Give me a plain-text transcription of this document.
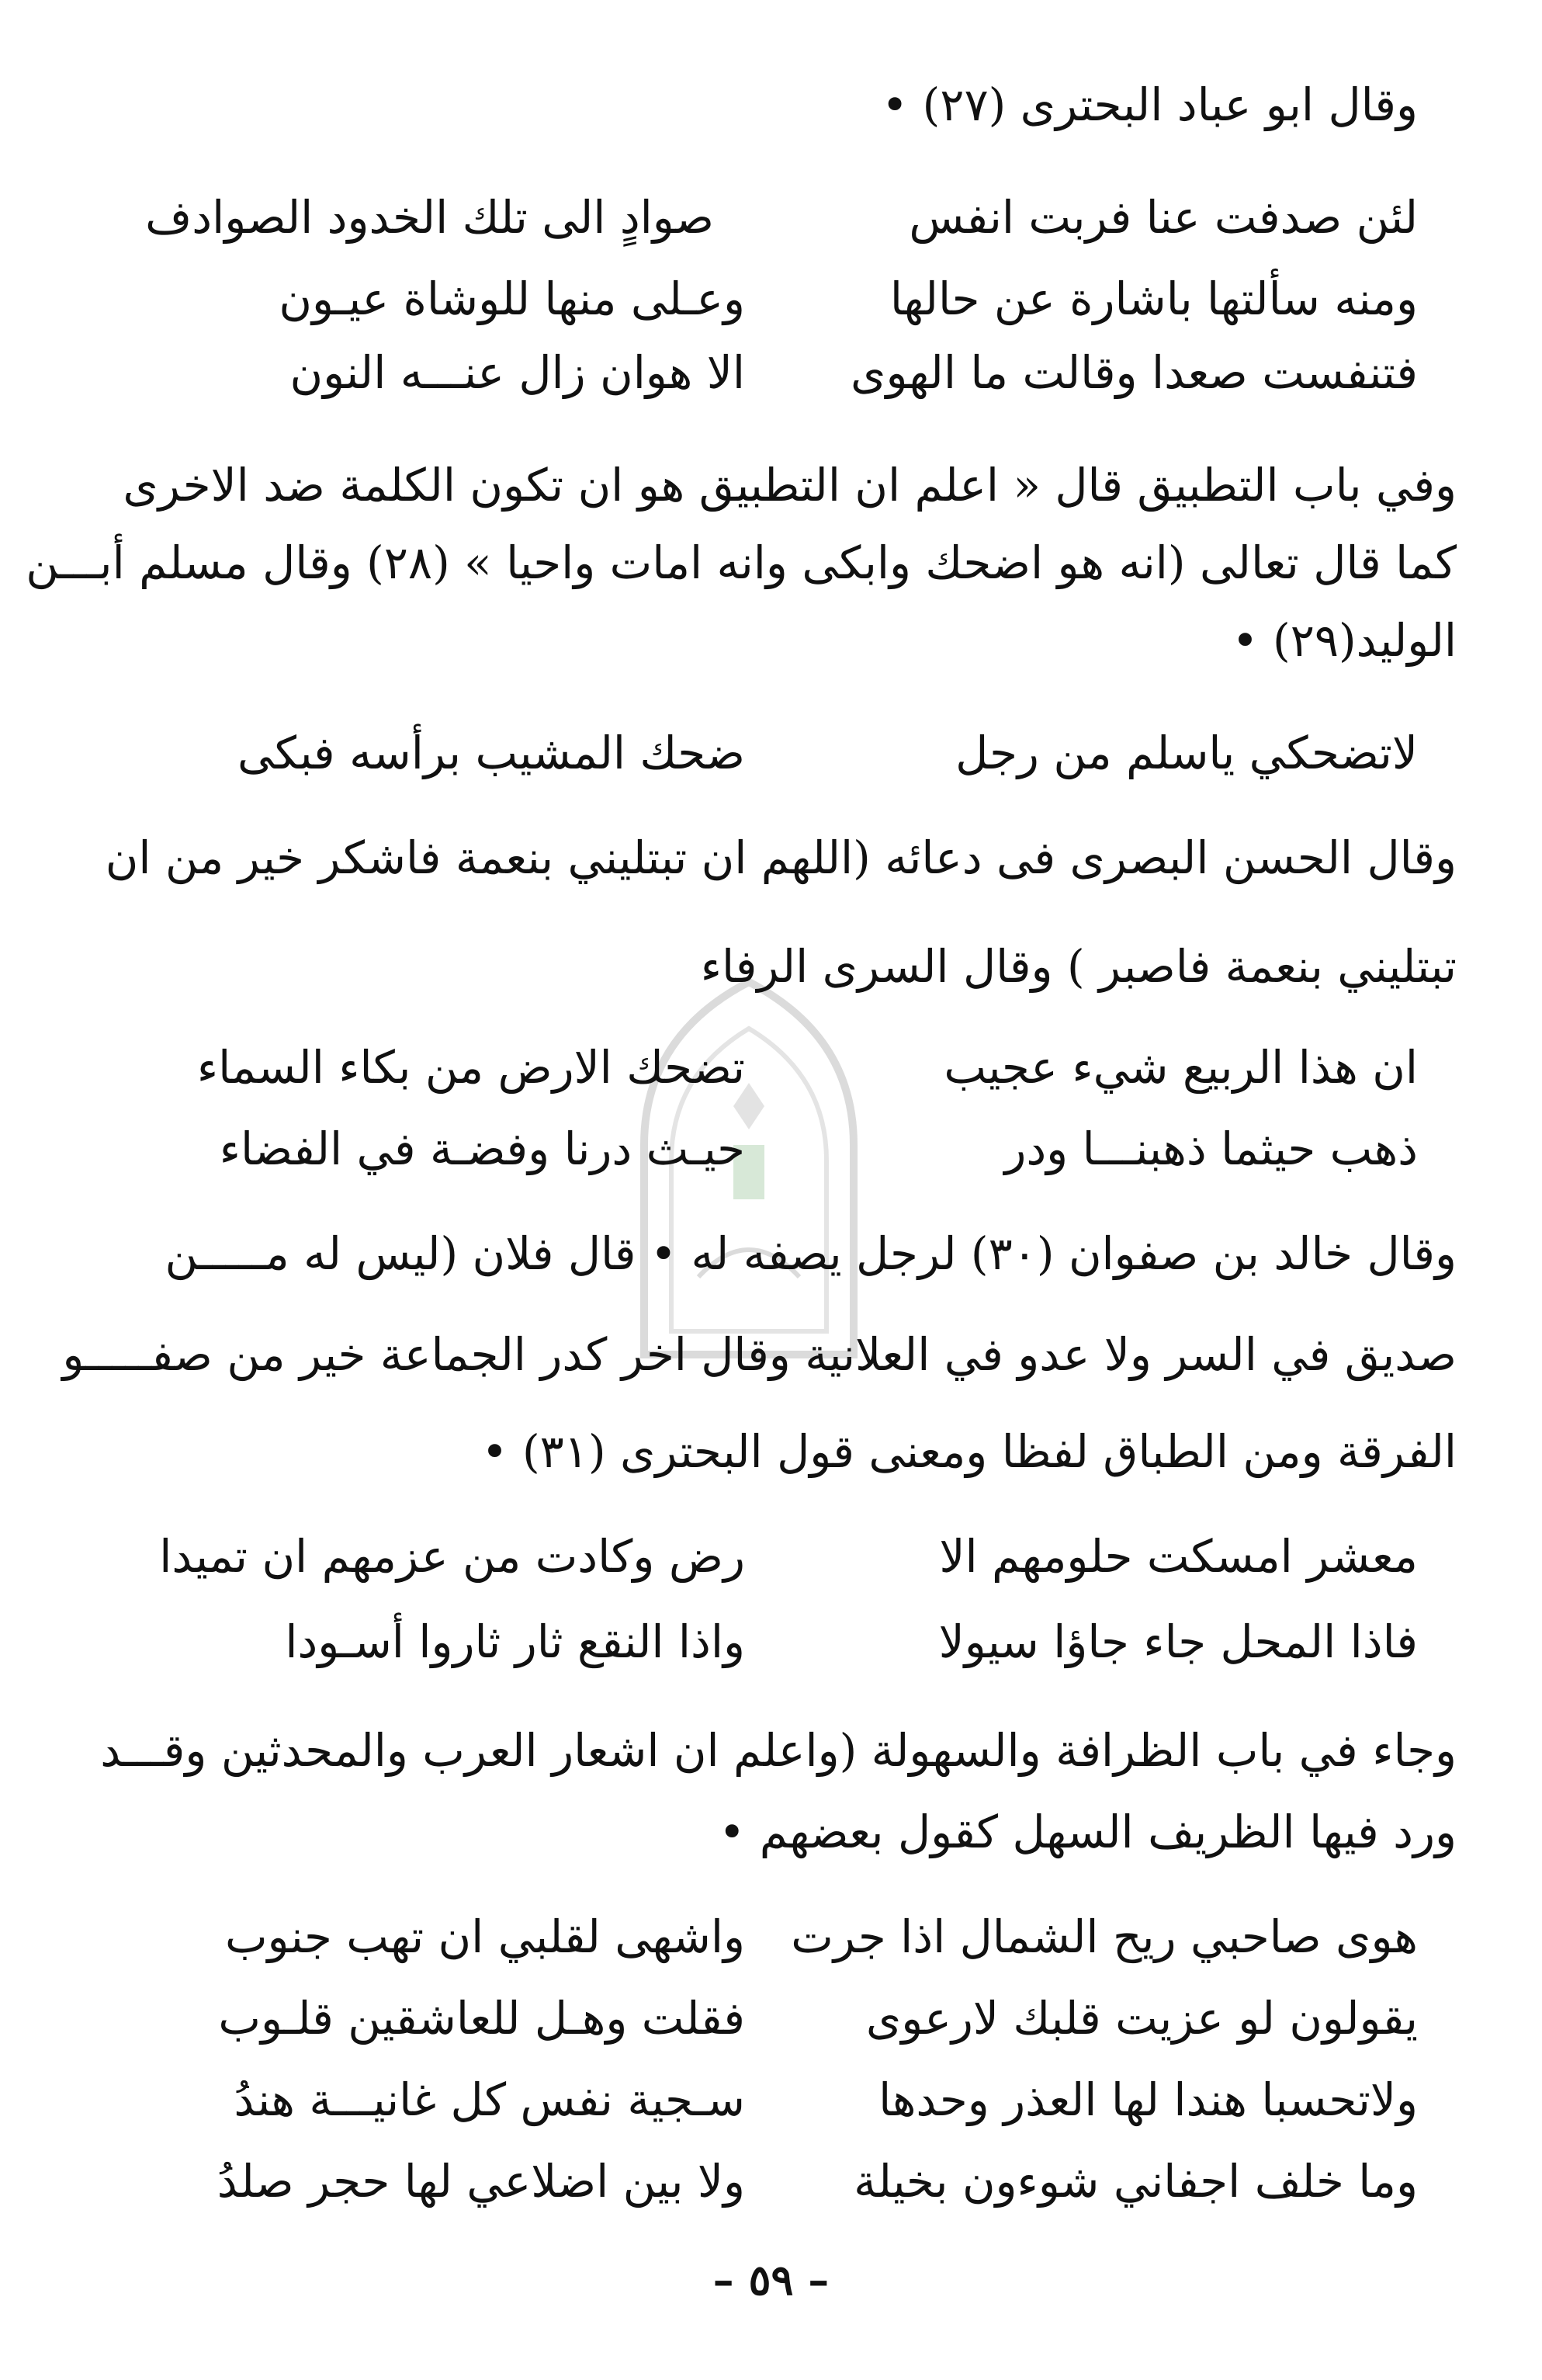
وقال ابو عباد البحترى (٢٧) •
لئن صدفت عنا فربت انفس
صوادٍ الى تلك الخدود الصوادف
ومنه سألتها باشارة عن حالها
وعـلى منها للوشاة عيـون
فتنفست صعدا وقالت ما الهوى
الا هوان زال عنـــه النون
وفي باب التطبيق قال « اعلم ان التطبيق هو ان تكون الكلمة ضد الاخرى
كما قال تعالى (انه هو اضحك وابكى وانه امات واحيا » (٢٨) وقال مسلم أبـــن
الوليد(٢٩) •
لاتضحكي ياسلم من رجل
ضحك المشيب برأسه فبكى
وقال الحسن البصرى فى دعائه (اللهم ان تبتليني بنعمة فاشكر خير من ان
تبتليني بنعمة فاصبر ) وقال السرى الرفاء
ان هذا الربيع شيء عجيب
تضحك الارض من بكاء السماء
ذهب حيثما ذهبنـــا ودر
حيـث درنا وفضـة في الفضاء
وقال خالد بن صفوان (٣٠) لرجل يصفه له • قال فلان (ليس له مـــــن
صديق في السر ولا عدو في العلانية وقال اخر كدر الجماعة خير من صفـــــو
الفرقة ومن الطباق لفظا ومعنى قول البحترى (٣١) •
معشر امسكت حلومهم الا
رض وكادت من عزمهم ان تميدا
فاذا المحل جاء جاؤا سيولا
واذا النقع ثار ثاروا أسـودا
وجاء في باب الظرافة والسهولة (واعلم ان اشعار العرب والمحدثين وقـــد
ورد فيها الظريف السهل كقول بعضهم •
هوى صاحبي ريح الشمال اذا جرت
واشهى لقلبي ان تهب جنوب
يقولون لو عزيت قلبك لارعوى
فقلت وهـل للعاشقين قلـوب
ولاتحسبا هندا لها العذر وحدها
سـجية نفس كل غانيـــة هندُ
وما خلف اجفاني شوءون بخيلة
ولا بين اضلاعي لها حجر صلدُ
– ٥٩ –
